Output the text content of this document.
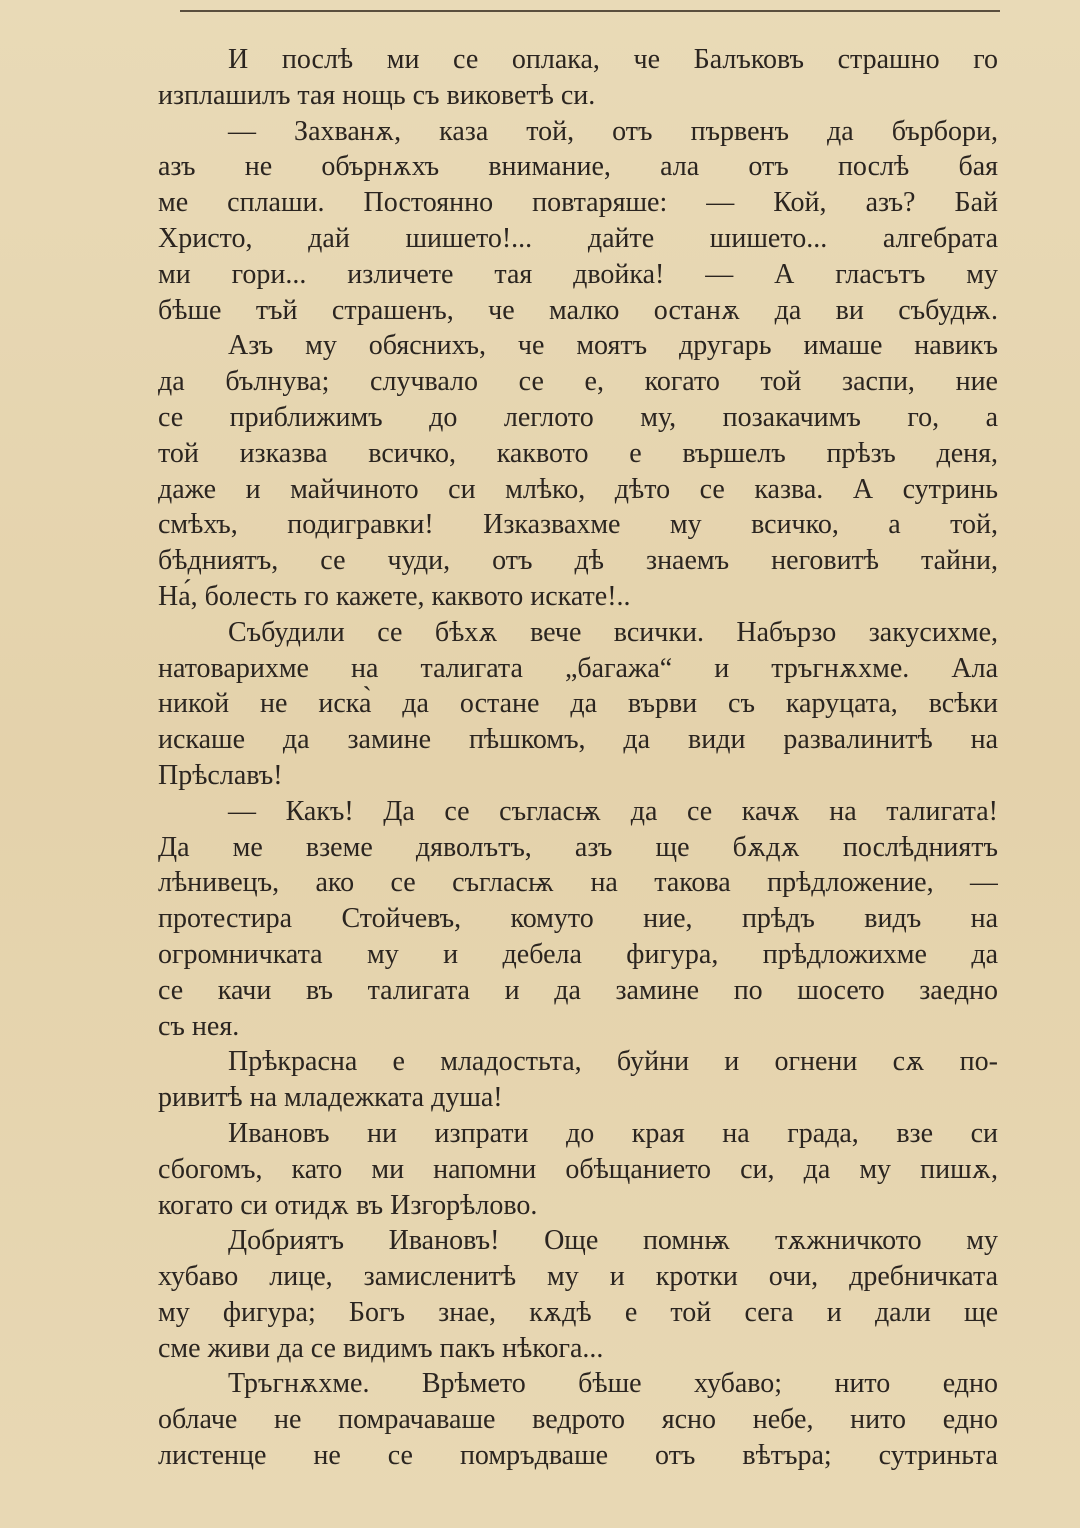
И послѣ ми се оплака, че Балъковъ страшно го
изплашилъ тая нощь съ виковетѣ си.
— Захванѫ, каза той, отъ първенъ да бърбори,
азъ не обърнѫхъ внимание, ала отъ послѣ бая
ме сплаши. Постоянно повтаряше: — Кой, азъ? Бай
Христо, дай шишето!... дайте шишето... алгебрата
ми гори... изличете тая двойка! — А гласътъ му
бѣше тъй страшенъ, че малко останѫ да ви събудѭ.
Азъ му обяснихъ, че моятъ другарь имаше навикъ
да бълнува; случвало се е, когато той заспи, ние
се приближимъ до леглото му, позакачимъ го, а
той изказва всичко, каквото е вършелъ прѣзъ деня,
даже и майчиното си млѣко, дѣто се казва. А сутринь
смѣхъ, подигравки! Изказвахме му всичко, а той,
бѣдниятъ, се чуди, отъ дѣ знаемъ неговитѣ тайни,
На́, болесть го кажете, каквото искате!..
Събудили се бѣхѫ вече всички. Набързо закусихме,
натоварихме на талигата „багажа“ и тръгнѫхме. Ала
никой не иска̀ да остане да върви съ каруцата, всѣки
искаше да замине пѣшкомъ, да види развалинитѣ на
Прѣславъ!
— Какъ! Да се съгласѭ да се качѫ на талигата!
Да ме вземе дяволътъ, азъ ще бѫдѫ послѣдниятъ
лѣнивецъ, ако се съгласѭ на такова прѣдложение, —
протестира Стойчевъ, комуто ние, прѣдъ видъ на
огромничката му и дебела фигура, прѣдложихме да
се качи въ талигата и да замине по шосето заедно
съ нея.
Прѣкрасна е младостьта, буйни и огнени сѫ по-
ривитѣ на младежката душа!
Ивановъ ни изпрати до края на града, взе си
сбогомъ, като ми напомни обѣщанието си, да му пишѫ,
когато си отидѫ въ Изгорѣлово.
Добриятъ Ивановъ! Още помнѭ тѫжничкото му
хубаво лице, замисленитѣ му и кротки очи, дребничката
му фигура; Богъ знае, кѫдѣ е той сега и дали ще
сме живи да се видимъ пакъ нѣкога...
Тръгнѫхме. Врѣмето бѣше хубаво; нито едно
облаче не помрачаваше ведрото ясно небе, нито едно
листенце не се помръдваше отъ вѣтъра; сутриньта
